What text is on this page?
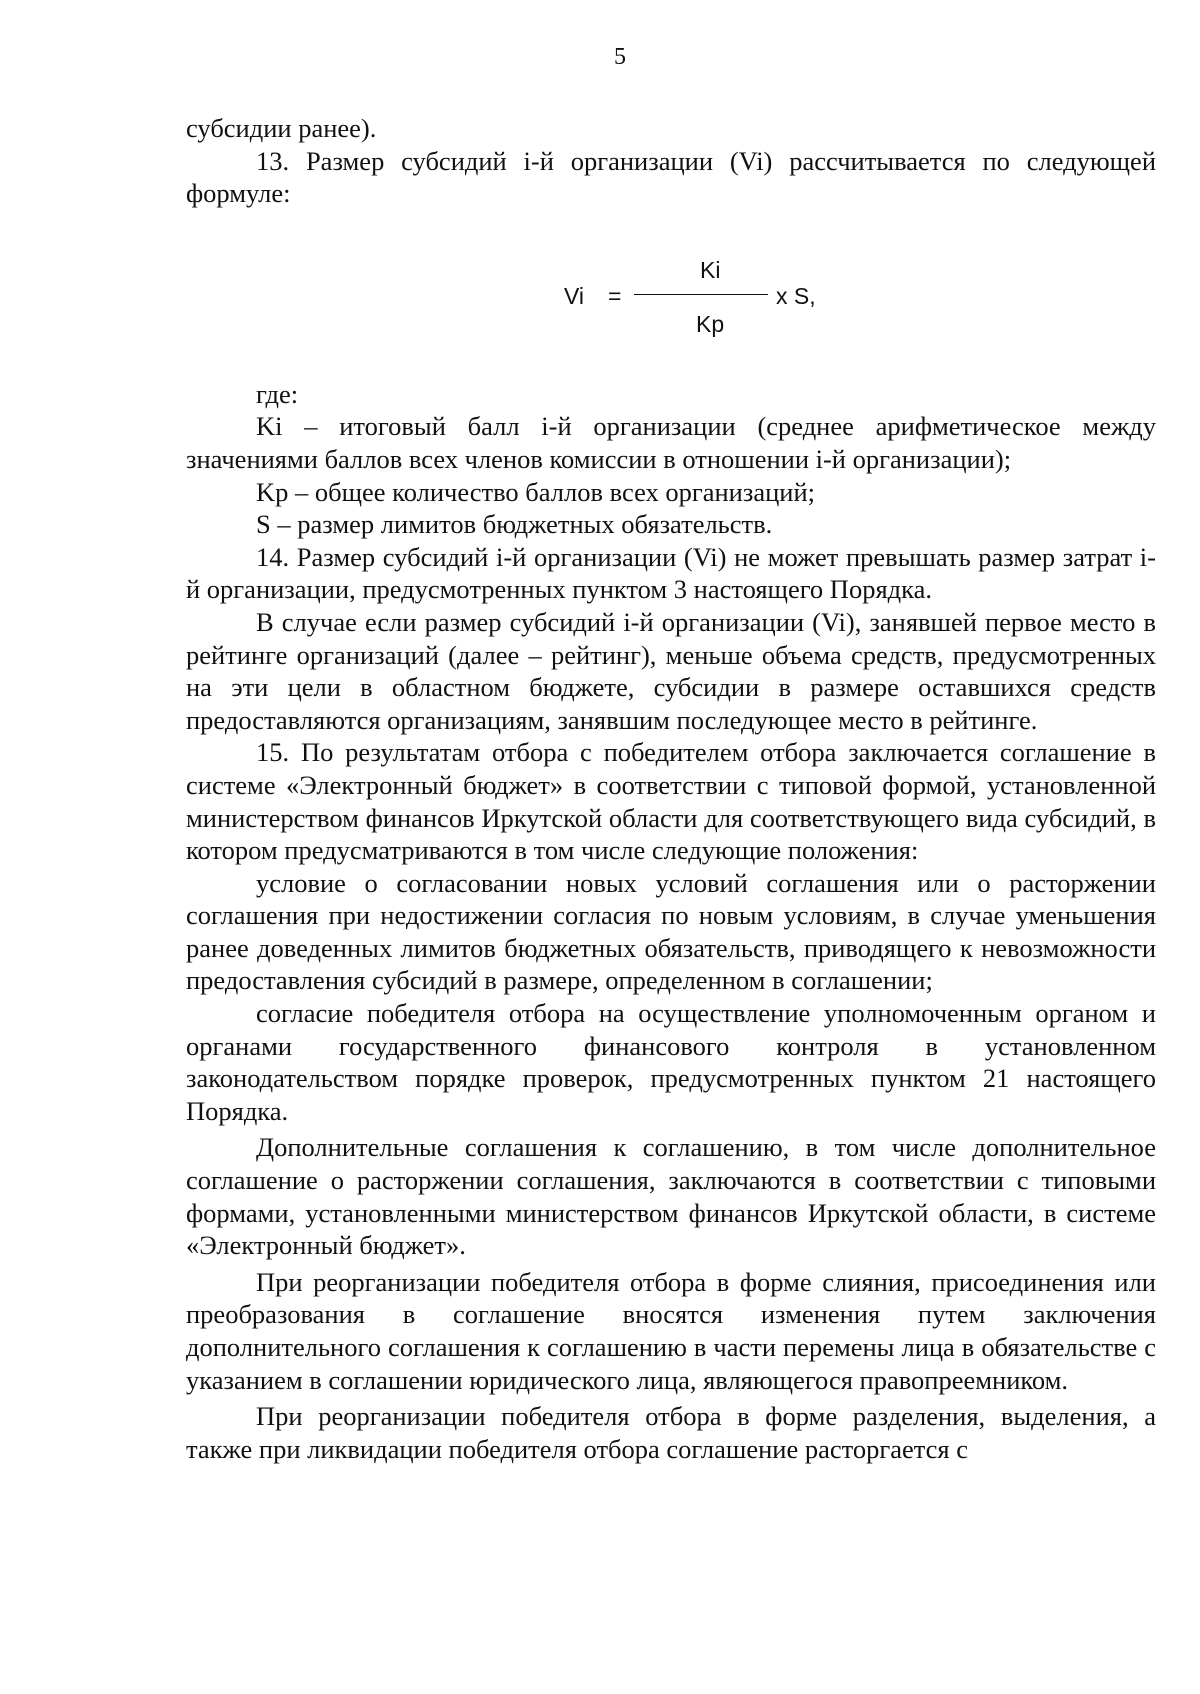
5

субсидии ранее).

13. Размер субсидий i-й организации (Vi) рассчитывается по следующей формуле:

Vi =
Ki
Kp
x S,

где:

Ki – итоговый балл i-й организации (среднее арифметическое между значениями баллов всех членов комиссии в отношении i-й организации);

Kp – общее количество баллов всех организаций;

S – размер лимитов бюджетных обязательств.

14. Размер субсидий i-й организации (Vi) не может превышать размер затрат i-й организации, предусмотренных пунктом 3 настоящего Порядка.

В случае если размер субсидий i-й организации (Vi), занявшей первое место в рейтинге организаций (далее – рейтинг), меньше объема средств, предусмотренных на эти цели в областном бюджете, субсидии в размере оставшихся средств предоставляются организациям, занявшим последующее место в рейтинге.

15. По результатам отбора с победителем отбора заключается соглашение в системе «Электронный бюджет» в соответствии с типовой формой, установленной министерством финансов Иркутской области для соответствующего вида субсидий, в котором предусматриваются в том числе следующие положения:

условие о согласовании новых условий соглашения или о расторжении соглашения при недостижении согласия по новым условиям, в случае уменьшения ранее доведенных лимитов бюджетных обязательств, приводящего к невозможности предоставления субсидий в размере, определенном в соглашении;

согласие победителя отбора на осуществление уполномоченным органом и органами государственного финансового контроля в установленном законодательством порядке проверок, предусмотренных пунктом 21 настоящего Порядка.

Дополнительные соглашения к соглашению, в том числе дополнительное соглашение о расторжении соглашения, заключаются в соответствии с типовыми формами, установленными министерством финансов Иркутской области, в системе «Электронный бюджет».

При реорганизации победителя отбора в форме слияния, присоединения или преобразования в соглашение вносятся изменения путем заключения дополнительного соглашения к соглашению в части перемены лица в обязательстве с указанием в соглашении юридического лица, являющегося правопреемником.

При реорганизации победителя отбора в форме разделения, выделения, а также при ликвидации победителя отбора соглашение расторгается с
